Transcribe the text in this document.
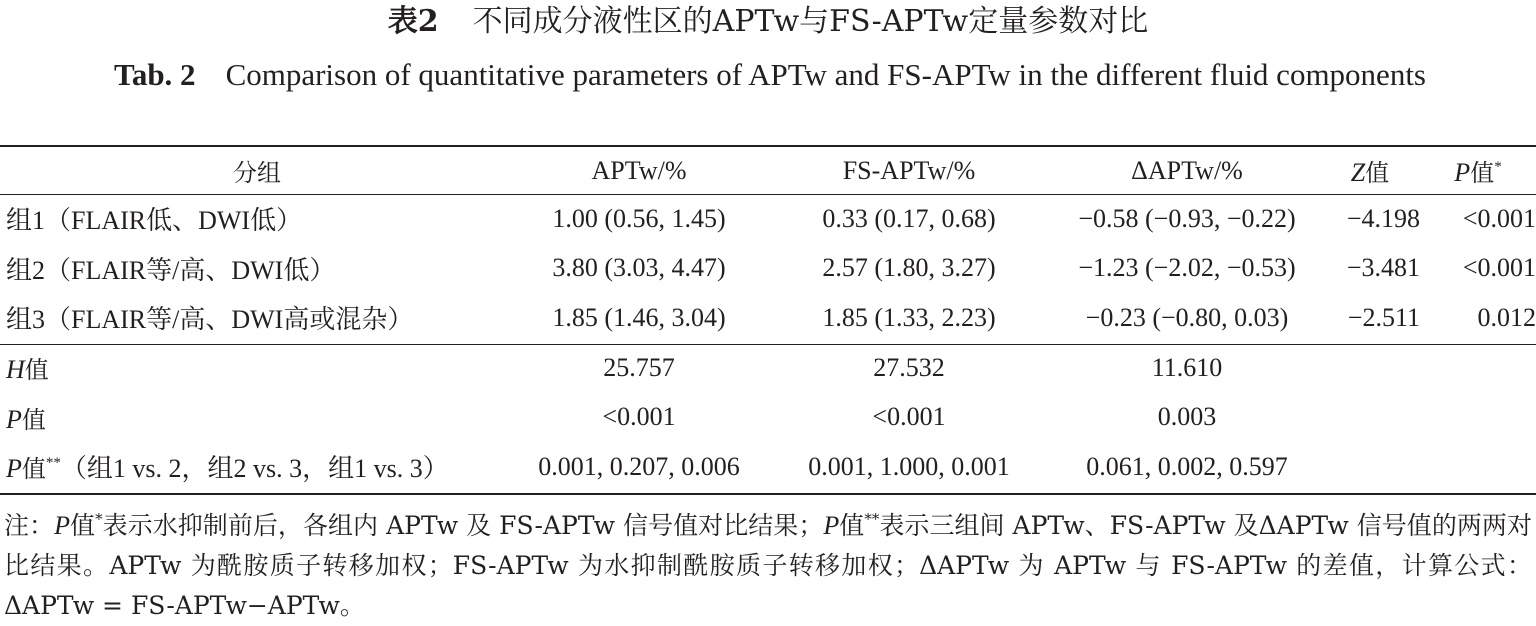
表2 不同成分液性区的APTw与FS-APTw定量参数对比
Tab. 2 Comparison of quantitative parameters of APTw and FS-APTw in the different fluid components
分组	APTw/%	FS-APTw/%	ΔAPTw/%	Z值	P值*
组1（FLAIR低、DWI低）	1.00 (0.56, 1.45)	0.33 (0.17, 0.68)	−0.58 (−0.93, −0.22)	−4.198	<0.001
组2（FLAIR等/高、DWI低）	3.80 (3.03, 4.47)	2.57 (1.80, 3.27)	−1.23 (−2.02, −0.53)	−3.481	<0.001
组3（FLAIR等/高、DWI高或混杂）	1.85 (1.46, 3.04)	1.85 (1.33, 2.23)	−0.23 (−0.80, 0.03)	−2.511	0.012
H值	25.757	27.532	11.610		
P值	<0.001	<0.001	0.003		
P值**（组1 vs. 2，组2 vs. 3，组1 vs. 3）	0.001, 0.207, 0.006	0.001, 1.000, 0.001	0.061, 0.002, 0.597		
注：P值*表示水抑制前后，各组内 APTw 及 FS-APTw 信号值对比结果；P值**表示三组间 APTw、FS-APTw 及ΔAPTw 信号值的两两对比结果。APTw 为酰胺质子转移加权；FS-APTw 为水抑制酰胺质子转移加权；ΔAPTw 为 APTw 与 FS-APTw 的差值，计算公式：ΔAPTw = FS-APTw−APTw。
